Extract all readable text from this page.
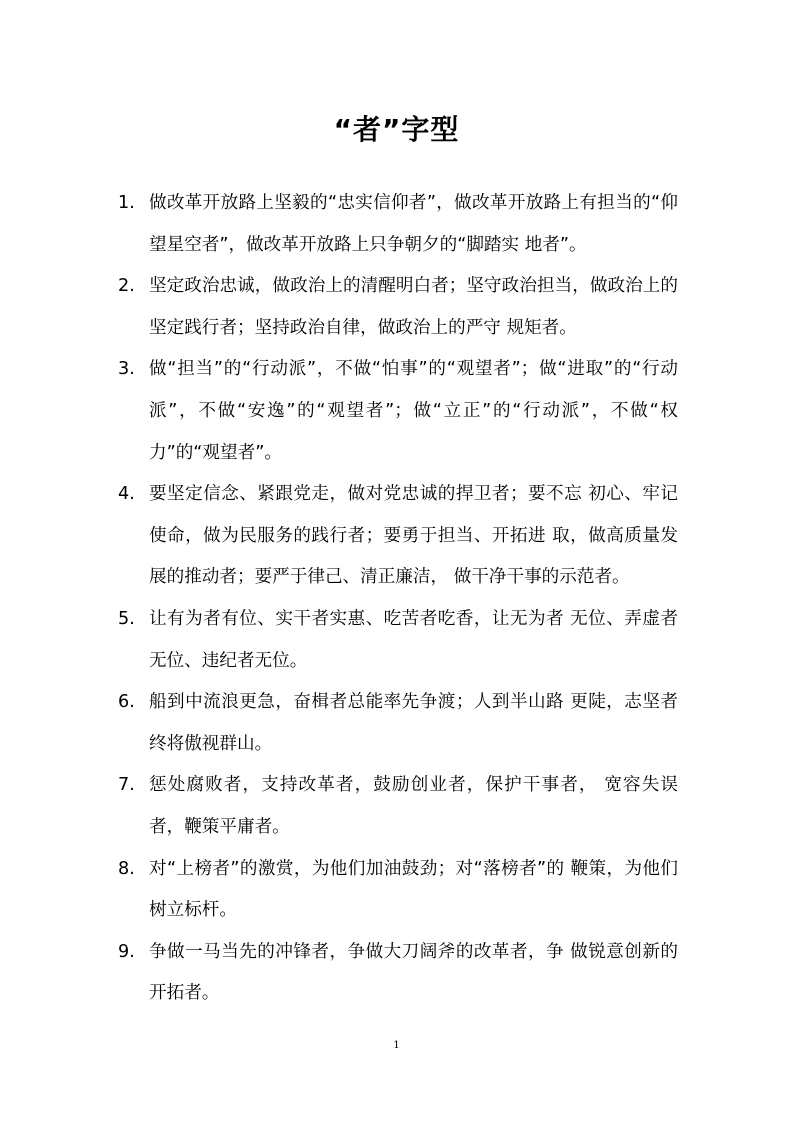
“者”字型
1. 做改革开放路上坚毅的“忠实信仰者”，做改革开放路上有担当的“仰望星空者”，做改革开放路上只争朝夕的“脚踏实 地者”。
2. 坚定政治忠诚，做政治上的清醒明白者；坚守政治担当，做政治上的坚定践行者；坚持政治自律，做政治上的严守 规矩者。
3. 做“担当”的“行动派”，不做“怕事”的“观望者”；做“进取”的“行动派”，不做“安逸”的“观望者”；做“立正”的“行动派”，不做“权力”的“观望者”。
4. 要坚定信念、紧跟党走，做对党忠诚的捍卫者；要不忘 初心、牢记使命，做为民服务的践行者；要勇于担当、开拓进 取，做高质量发展的推动者；要严于律己、清正廉洁， 做干净干事的示范者。
5. 让有为者有位、实干者实惠、吃苦者吃香，让无为者 无位、弄虚者无位、违纪者无位。
6. 船到中流浪更急，奋楫者总能率先争渡；人到半山路 更陡，志坚者终将傲视群山。
7. 惩处腐败者，支持改革者，鼓励创业者，保护干事者， 宽容失误者，鞭策平庸者。
8. 对“上榜者”的激赏，为他们加油鼓劲；对“落榜者”的 鞭策，为他们树立标杆。
9. 争做一马当先的冲锋者，争做大刀阔斧的改革者，争 做锐意创新的开拓者。
1
